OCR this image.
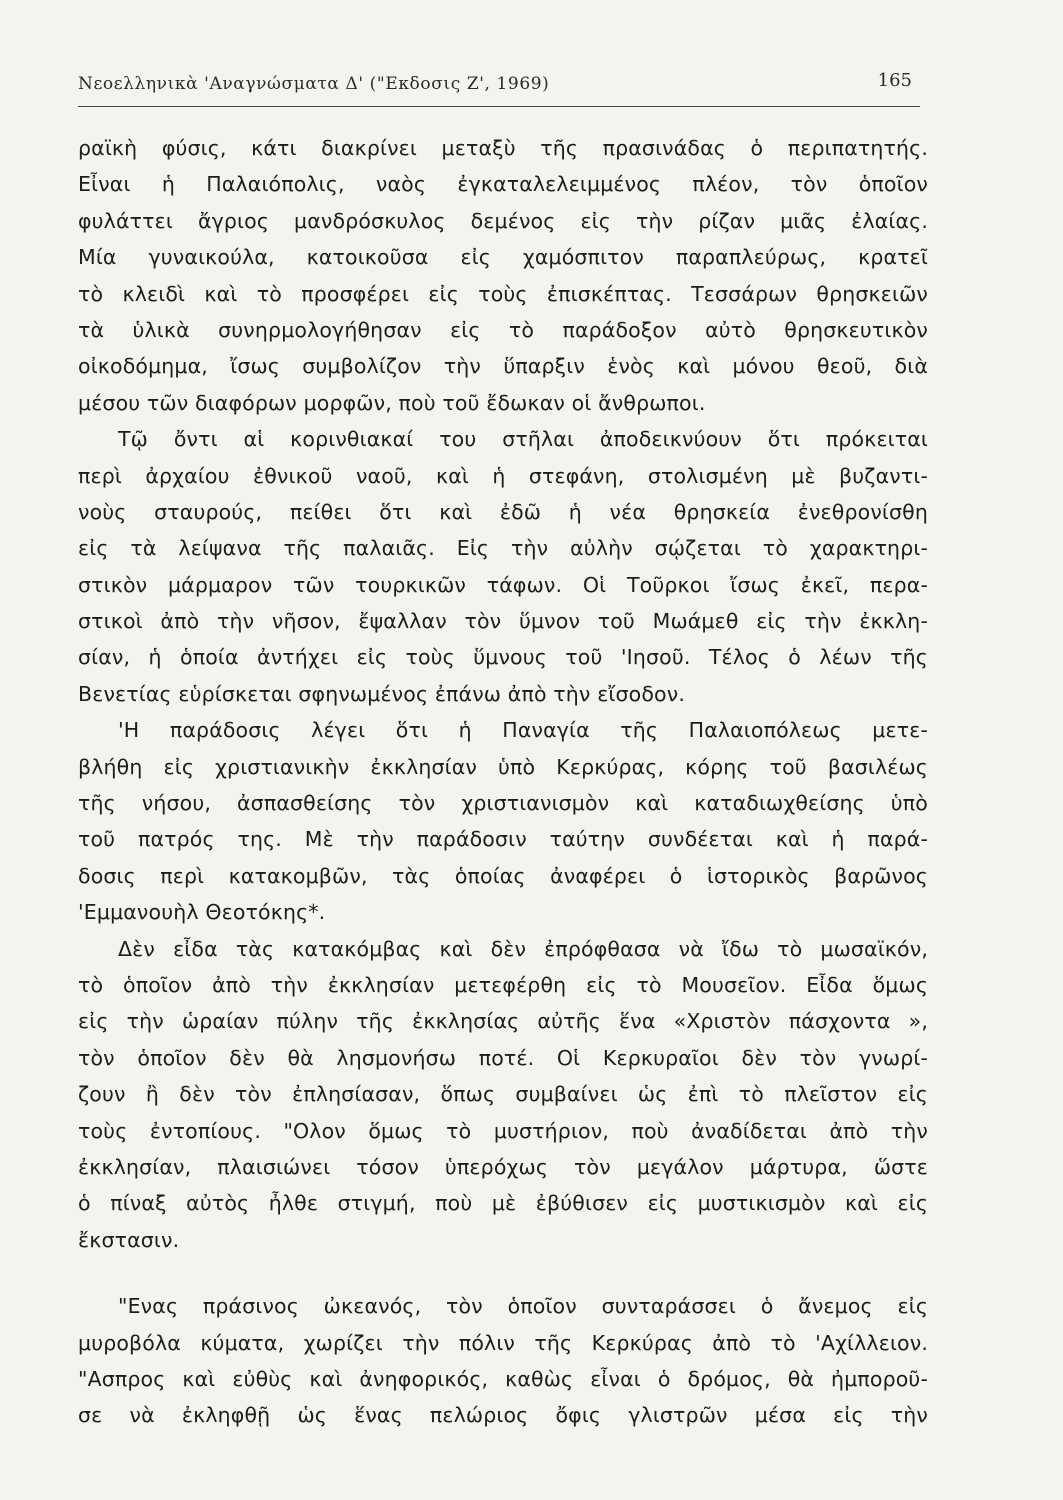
Νεοελληνικὰ 'Αναγνώσματα Δ' ("Εκδοσις Ζ', 1969)	165
ραϊκὴ φύσις, κάτι διακρίνει μεταξὺ τῆς πρασινάδας ὁ περιπατητής.
Εἶναι ἡ Παλαιόπολις, ναὸς ἐγκαταλελειμμένος πλέον, τὸν ὁποῖον
φυλάττει ἄγριος μανδρόσκυλος δεμένος εἰς τὴν ρίζαν μιᾶς ἐλαίας.
Μία γυναικούλα, κατοικοῦσα εἰς χαμόσπιτον παραπλεύρως, κρατεῖ
τὸ κλειδὶ καὶ τὸ προσφέρει εἰς τοὺς ἐπισκέπτας. Τεσσάρων θρησκειῶν
τὰ ὑλικὰ συνηρμολογήθησαν εἰς τὸ παράδοξον αὐτὸ θρησκευτικὸν
οἰκοδόμημα, ἴσως συμβολίζον τὴν ὕπαρξιν ἑνὸς καὶ μόνου θεοῦ, διὰ
μέσου τῶν διαφόρων μορφῶν, ποὺ τοῦ ἔδωκαν οἱ ἄνθρωποι.
Τῷ ὄντι αἱ κορινθιακαί του στῆλαι ἀποδεικνύουν ὅτι πρόκειται
περὶ ἀρχαίου ἐθνικοῦ ναοῦ, καὶ ἡ στεφάνη, στολισμένη μὲ βυζαντι-
νοὺς σταυρούς, πείθει ὅτι καὶ ἐδῶ ἡ νέα θρησκεία ἐνεθρονίσθη
εἰς τὰ λείψανα τῆς παλαιᾶς. Εἰς τὴν αὐλὴν σῴζεται τὸ χαρακτηρι-
στικὸν μάρμαρον τῶν τουρκικῶν τάφων. Οἱ Τοῦρκοι ἴσως ἐκεῖ, περα-
στικοὶ ἀπὸ τὴν νῆσον, ἔψαλλαν τὸν ὕμνον τοῦ Μωάμεθ εἰς τὴν ἐκκλη-
σίαν, ἡ ὁποία ἀντήχει εἰς τοὺς ὕμνους τοῦ 'Ιησοῦ. Τέλος ὁ λέων τῆς
Βενετίας εὑρίσκεται σφηνωμένος ἐπάνω ἀπὸ τὴν εἴσοδον.
'Η παράδοσις λέγει ὅτι ἡ Παναγία τῆς Παλαιοπόλεως μετε-
βλήθη εἰς χριστιανικὴν ἐκκλησίαν ὑπὸ Κερκύρας, κόρης τοῦ βασιλέως
τῆς νήσου, ἀσπασθείσης τὸν χριστιανισμὸν καὶ καταδιωχθείσης ὑπὸ
τοῦ πατρός της. Μὲ τὴν παράδοσιν ταύτην συνδέεται καὶ ἡ παρά-
δοσις περὶ κατακομβῶν, τὰς ὁποίας ἀναφέρει ὁ ἱστορικὸς βαρῶνος
'Εμμανουὴλ Θεοτόκης*.
Δὲν εἶδα τὰς κατακόμβας καὶ δὲν ἐπρόφθασα νὰ ἴδω τὸ μωσαϊκόν,
τὸ ὁποῖον ἀπὸ τὴν ἐκκλησίαν μετεφέρθη εἰς τὸ Μουσεῖον. Εἶδα ὅμως
εἰς τὴν ὡραίαν πύλην τῆς ἐκκλησίας αὐτῆς ἕνα «Χριστὸν πάσχοντα »,
τὸν ὁποῖον δὲν θὰ λησμονήσω ποτέ. Οἱ Κερκυραῖοι δὲν τὸν γνωρί-
ζουν ἢ δὲν τὸν ἐπλησίασαν, ὅπως συμβαίνει ὡς ἐπὶ τὸ πλεῖστον εἰς
τοὺς ἐντοπίους. "Ολον ὅμως τὸ μυστήριον, ποὺ ἀναδίδεται ἀπὸ τὴν
ἐκκλησίαν, πλαισιώνει τόσον ὑπερόχως τὸν μεγάλον μάρτυρα, ὥστε
ὁ πίναξ αὐτὸς ἦλθε στιγμή, ποὺ μὲ ἐβύθισεν εἰς μυστικισμὸν καὶ εἰς
ἔκστασιν.
"Ενας πράσινος ὠκεανός, τὸν ὁποῖον συνταράσσει ὁ ἄνεμος εἰς
μυροβόλα κύματα, χωρίζει τὴν πόλιν τῆς Κερκύρας ἀπὸ τὸ 'Αχίλλειον.
"Ασπρος καὶ εὐθὺς καὶ ἀνηφορικός, καθὼς εἶναι ὁ δρόμος, θὰ ἠμποροῦ-
σε νὰ ἐκληφθῇ ὡς ἕνας πελώριος ὄφις γλιστρῶν μέσα εἰς τὴν
